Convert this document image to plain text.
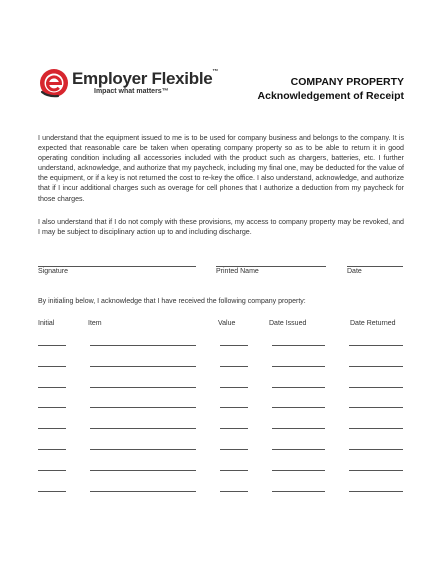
Employer Flexible™
Impact what matters™
COMPANY PROPERTY
Acknowledgement of Receipt

I understand that the equipment issued to me is to be used for company business and belongs to the company. It is expected that reasonable care be taken when operating company property so as to be able to return it in good operating condition including all accessories included with the product such as chargers, batteries, etc. I further understand, acknowledge, and authorize that my paycheck, including my final one, may be deducted for the value of the equipment, or if a key is not returned the cost to re-key the office. I also understand, acknowledge, and authorize that if I incur additional charges such as overage for cell phones that I authorize a deduction from my paycheck for those charges.

I also understand that if I do not comply with these provisions, my access to company property may be revoked, and I may be subject to disciplinary action up to and including discharge.

Signature	Printed Name	Date
By initialing below, I acknowledge that I have received the following company property:
Initial	Item	Value	Date Issued	Date Returned
